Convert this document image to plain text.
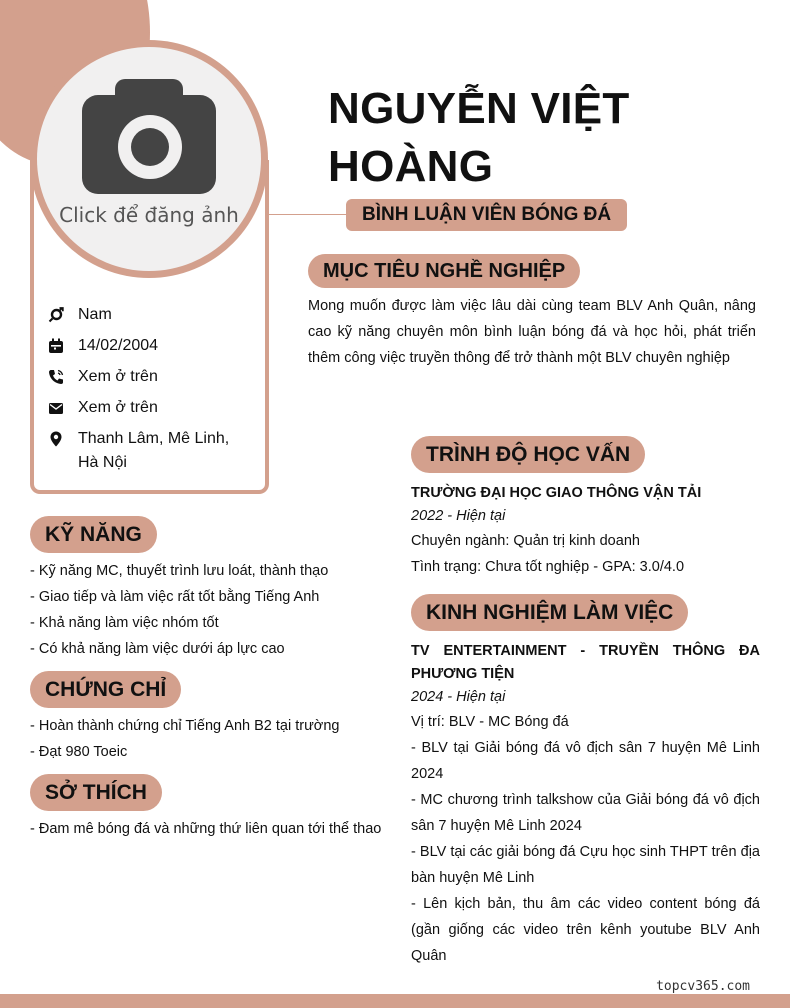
Click để đăng ảnh
Nam
14/02/2004
Xem ở trên
Xem ở trên
Thanh Lâm, Mê Linh,
Hà Nội
NGUYỄN VIỆT
HOÀNG
BÌNH LUẬN VIÊN BÓNG ĐÁ
MỤC TIÊU NGHỀ NGHIỆP
Mong muốn được làm việc lâu dài cùng team BLV Anh Quân, nâng cao kỹ năng chuyên môn bình luận bóng đá và học hỏi, phát triển thêm công việc truyền thông để trở thành một BLV chuyên nghiệp
KỸ NĂNG
- Kỹ năng MC, thuyết trình lưu loát, thành thạo
- Giao tiếp và làm việc rất tốt bằng Tiếng Anh
- Khả năng làm việc nhóm tốt
- Có khả năng làm việc dưới áp lực cao
CHỨNG CHỈ
- Hoàn thành chứng chỉ Tiếng Anh B2 tại trường
- Đạt 980 Toeic
SỞ THÍCH
- Đam mê bóng đá và những thứ liên quan tới thể thao
TRÌNH ĐỘ HỌC VẤN
TRƯỜNG ĐẠI HỌC GIAO THÔNG VẬN TẢI
2022 - Hiện tại
Chuyên ngành: Quản trị kinh doanh
Tình trạng: Chưa tốt nghiệp - GPA: 3.0/4.0
KINH NGHIỆM LÀM VIỆC
TV ENTERTAINMENT - TRUYỀN THÔNG ĐA PHƯƠNG TIỆN
2024 - Hiện tại
Vị trí: BLV - MC Bóng đá
- BLV tại Giải bóng đá vô địch sân 7 huyện Mê Linh 2024
- MC chương trình talkshow của Giải bóng đá vô địch sân 7 huyện Mê Linh 2024
- BLV tại các giải bóng đá Cựu học sinh THPT trên địa bàn huyện Mê Linh
- Lên kịch bản, thu âm các video content bóng đá (gần giống các video trên kênh youtube BLV Anh Quân
topcv365.com
